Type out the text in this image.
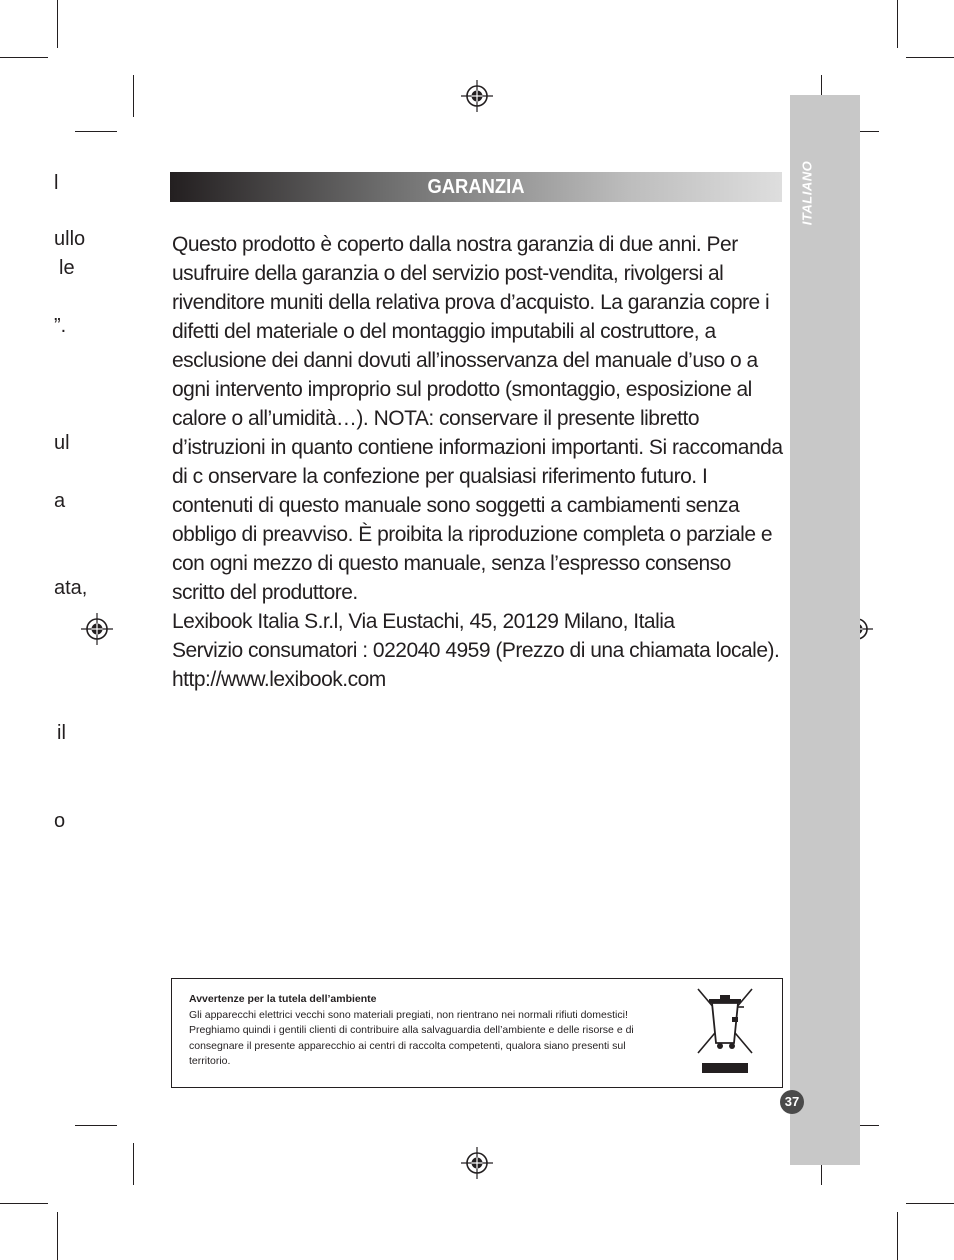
ITALIANO
l
ullo
le
”.
ul
a
ata,
il
o
GARANZIA

Questo prodotto è coperto dalla nostra garanzia di due anni. Per usufruire della garanzia o del servizio post-vendita, rivolgersi al rivenditore muniti della relativa prova d’acquisto. La garanzia copre i difetti del materiale o del montaggio imputabili al costruttore, a esclusione dei danni dovuti all’inosservanza del manuale d’uso o a ogni intervento improprio sul prodotto (smontaggio, esposizione al calore o all’umidità…). NOTA: conservare il presente libretto d’istruzioni in quanto contiene informazioni importanti. Si raccomanda di c onservare la confezione per qualsiasi riferimento futuro. I contenuti di questo manuale sono soggetti a cambiamenti senza obbligo di preavviso. È proibita la riproduzione completa o parziale e con ogni mezzo di questo manuale, senza l’espresso consenso scritto del produttore.

Lexibook Italia S.r.l, Via Eustachi, 45, 20129 Milano, Italia

Servizio consumatori : 022040 4959 (Prezzo di una chiamata locale).

http://www.lexibook.com

Avvertenze per la tutela dell’ambiente
Gli apparecchi elettrici vecchi sono materiali pregiati, non rientrano nei normali rifiuti domestici! Preghiamo quindi i gentili clienti di contribuire alla salvaguardia dell’ambiente e delle risorse e di consegnare il presente apparecchio ai centri di raccolta competenti, qualora siano presenti sul territorio.
37
